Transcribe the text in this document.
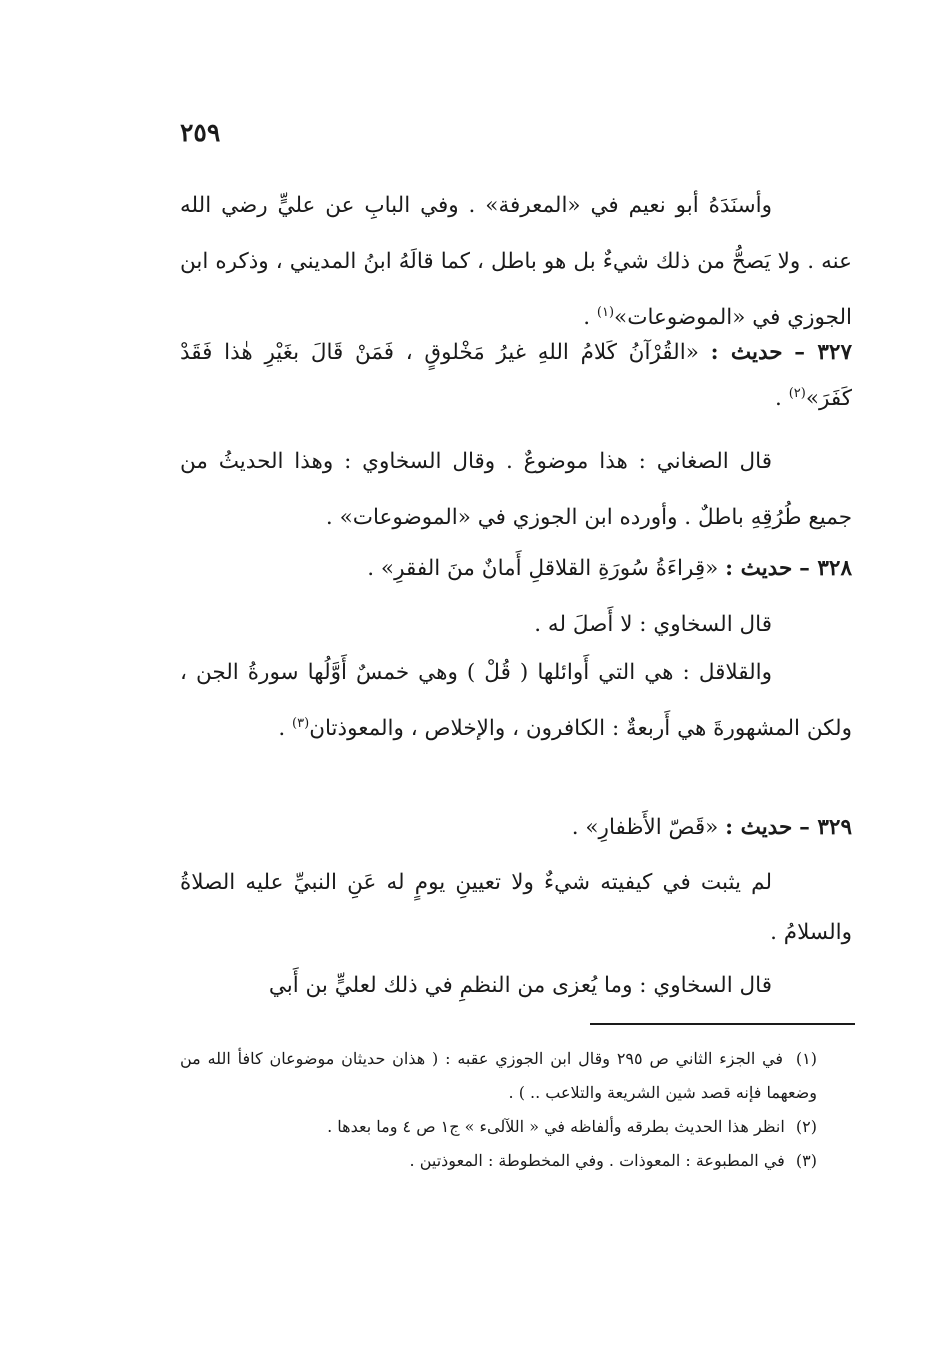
٢٥٩
وأسنَدَهُ أبو نعيم في «المعرفة» . وفي البابِ عن عليٍّ رضي الله عنه . ولا يَصحُّ من ذلك شيءٌ بل هو باطل ، كما قالَهُ ابنُ المديني ، وذكره ابن الجوزي في «الموضوعات»$^{(١)}$ .
٣٢٧ – حديث : «القُرْآنُ كَلامُ اللهِ غيرُ مَخْلوقٍ ، فَمَنْ قَالَ بغَيْرِ هٰذا فَقَدْ كَفَرَ»$^{(٢)}$ .
قال الصغاني : هذا موضوعٌ . وقال السخاوي : وهذا الحديثُ من جميع طُرُقِهِ باطلٌ . وأورده ابن الجوزي في «الموضوعات» .
٣٢٨ – حديث : «قِراءَةُ سُورَةِ القلاقلِ أَمانٌ منَ الفقرِ» .
قال السخاوي : لا أَصلَ له .
والقلاقل : هي التي أَوائلها ( قُلْ ) وهي خمسٌ أَوَّلُها سورةُ الجن ، ولكن المشهورةَ هي أَربعةٌ : الكافرون ، والإخلاص ، والمعوذتان$^{(٣)}$ .
٣٢٩ – حديث : «قَصّ الأَظفارِ» .
لم يثبت في كيفيته شيءٌ ولا تعيينِ يومٍ له عَنِ النبيِّ عليه الصلاةُ والسلامُ .
قال السخاوي : وما يُعزى من النظمِ في ذلك لعليٍّ بن أَبي
(١) في الجزء الثاني ص ٢٩٥ وقال ابن الجوزي عقبه : ( هذان حديثان موضوعان كافأ الله من وضعهما فإنه قصد شين الشريعة والتلاعب .. ) .
(٢) انظر هذا الحديث بطرقه وألفاظه في « اللآلىء » ج١ ص ٤ وما بعدها .
(٣) في المطبوعة : المعوذات . وفي المخطوطة : المعوذتين .
